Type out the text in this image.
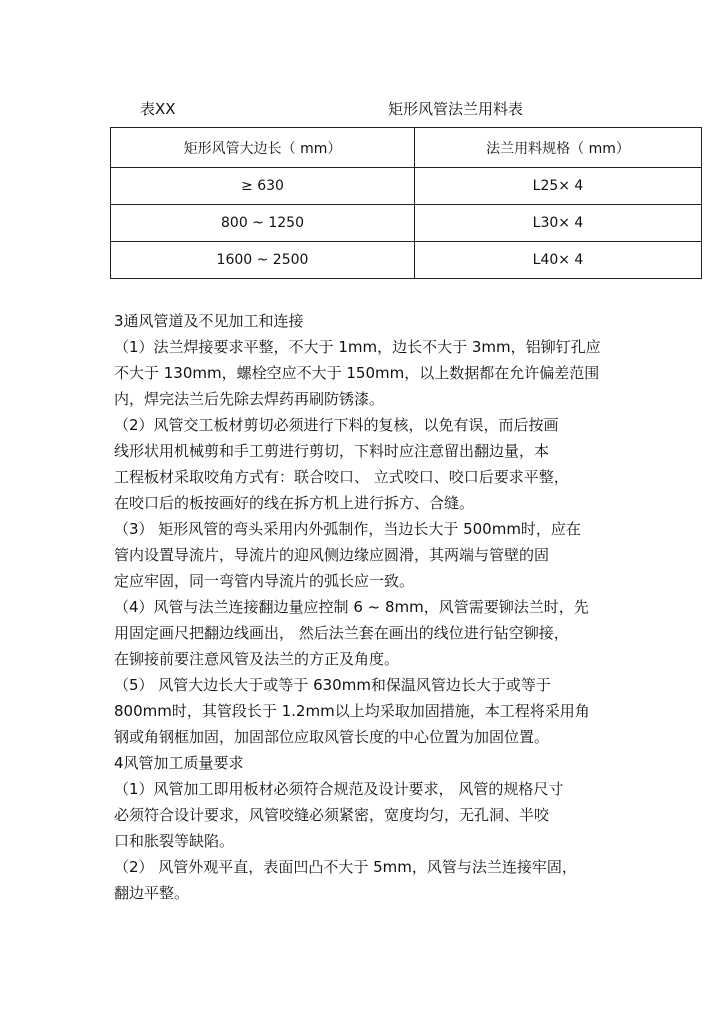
表XX	矩形风管法兰用料表
矩形风管大边长（ mm）	法兰用料规格（ mm）
≥ 630	L25× 4
800 ~ 1250	L30× 4
1600 ~ 2500	L40× 4
3通风管道及不见加工和连接
（1）法兰焊接要求平整，不大于 1mm，边长不大于 3mm，铝铆钉孔应
不大于 130mm，螺栓空应不大于 150mm，以上数据都在允许偏差范围
内，焊完法兰后先除去焊药再刷防锈漆。
（2）风管交工板材剪切必须进行下料的复核，以免有误，而后按画
线形状用机械剪和手工剪进行剪切，下料时应注意留出翻边量，本
工程板材采取咬角方式有：联合咬口、 立式咬口、咬口后要求平整，
在咬口后的板按画好的线在拆方机上进行拆方、合缝。
（3） 矩形风管的弯头采用内外弧制作，当边长大于 500mm时，应在
管内设置导流片，导流片的迎风侧边缘应圆滑，其两端与管壁的固
定应牢固，同一弯管内导流片的弧长应一致。
（4）风管与法兰连接翻边量应控制 6 ~ 8mm，风管需要铆法兰时，先
用固定画尺把翻边线画出， 然后法兰套在画出的线位进行钻空铆接，
在铆接前要注意风管及法兰的方正及角度。
（5） 风管大边长大于或等于 630mm和保温风管边长大于或等于
800mm时，其管段长于 1.2mm以上均采取加固措施，本工程将采用角
钢或角钢框加固，加固部位应取风管长度的中心位置为加固位置。
4风管加工质量要求
（1）风管加工即用板材必须符合规范及设计要求， 风管的规格尺寸
必须符合设计要求，风管咬缝必须紧密，宽度均匀，无孔洞、半咬
口和胀裂等缺陷。
（2） 风管外观平直，表面凹凸不大于 5mm，风管与法兰连接牢固，
翻边平整。
